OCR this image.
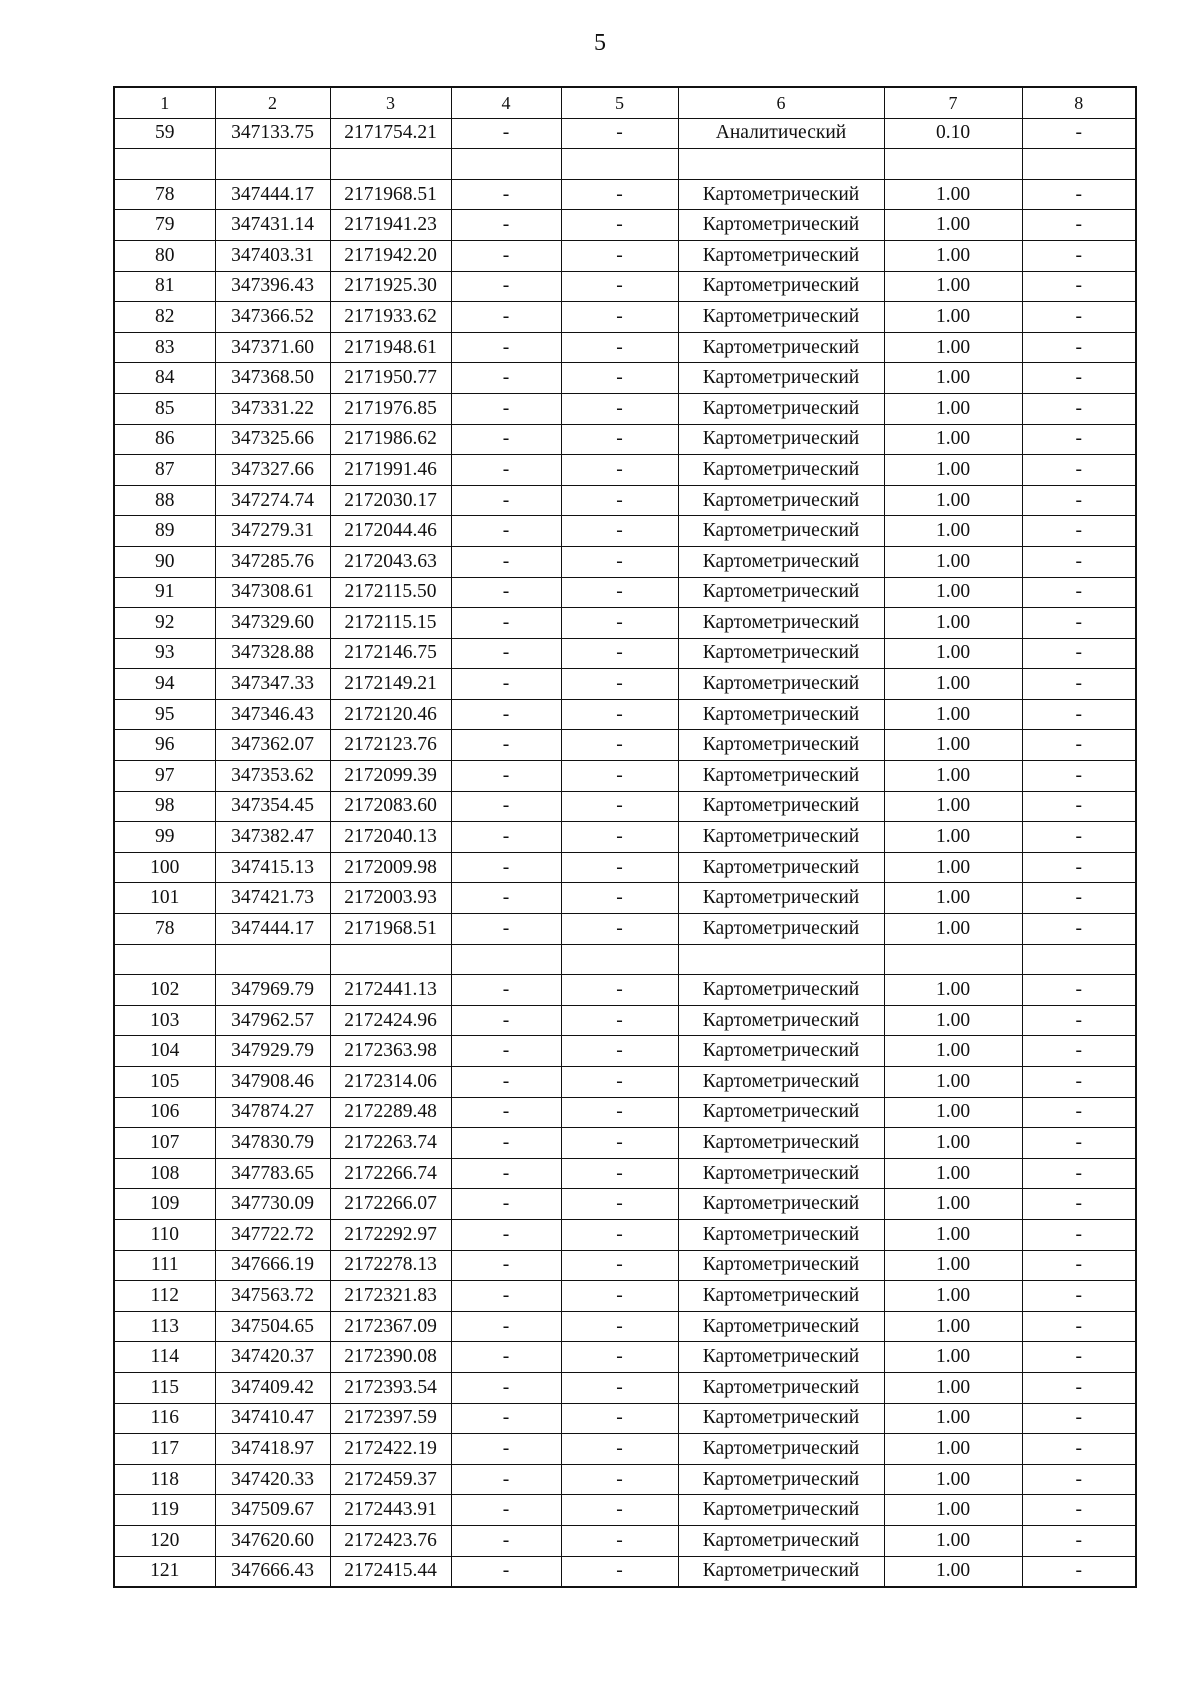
5
1	2	3	4	5	6	7	8
59	347133.75	2171754.21	-	-	Аналитический	0.10	-

78	347444.17	2171968.51	-	-	Картометрический	1.00	-
79	347431.14	2171941.23	-	-	Картометрический	1.00	-
80	347403.31	2171942.20	-	-	Картометрический	1.00	-
81	347396.43	2171925.30	-	-	Картометрический	1.00	-
82	347366.52	2171933.62	-	-	Картометрический	1.00	-
83	347371.60	2171948.61	-	-	Картометрический	1.00	-
84	347368.50	2171950.77	-	-	Картометрический	1.00	-
85	347331.22	2171976.85	-	-	Картометрический	1.00	-
86	347325.66	2171986.62	-	-	Картометрический	1.00	-
87	347327.66	2171991.46	-	-	Картометрический	1.00	-
88	347274.74	2172030.17	-	-	Картометрический	1.00	-
89	347279.31	2172044.46	-	-	Картометрический	1.00	-
90	347285.76	2172043.63	-	-	Картометрический	1.00	-
91	347308.61	2172115.50	-	-	Картометрический	1.00	-
92	347329.60	2172115.15	-	-	Картометрический	1.00	-
93	347328.88	2172146.75	-	-	Картометрический	1.00	-
94	347347.33	2172149.21	-	-	Картометрический	1.00	-
95	347346.43	2172120.46	-	-	Картометрический	1.00	-
96	347362.07	2172123.76	-	-	Картометрический	1.00	-
97	347353.62	2172099.39	-	-	Картометрический	1.00	-
98	347354.45	2172083.60	-	-	Картометрический	1.00	-
99	347382.47	2172040.13	-	-	Картометрический	1.00	-
100	347415.13	2172009.98	-	-	Картометрический	1.00	-
101	347421.73	2172003.93	-	-	Картометрический	1.00	-
78	347444.17	2171968.51	-	-	Картометрический	1.00	-

102	347969.79	2172441.13	-	-	Картометрический	1.00	-
103	347962.57	2172424.96	-	-	Картометрический	1.00	-
104	347929.79	2172363.98	-	-	Картометрический	1.00	-
105	347908.46	2172314.06	-	-	Картометрический	1.00	-
106	347874.27	2172289.48	-	-	Картометрический	1.00	-
107	347830.79	2172263.74	-	-	Картометрический	1.00	-
108	347783.65	2172266.74	-	-	Картометрический	1.00	-
109	347730.09	2172266.07	-	-	Картометрический	1.00	-
110	347722.72	2172292.97	-	-	Картометрический	1.00	-
111	347666.19	2172278.13	-	-	Картометрический	1.00	-
112	347563.72	2172321.83	-	-	Картометрический	1.00	-
113	347504.65	2172367.09	-	-	Картометрический	1.00	-
114	347420.37	2172390.08	-	-	Картометрический	1.00	-
115	347409.42	2172393.54	-	-	Картометрический	1.00	-
116	347410.47	2172397.59	-	-	Картометрический	1.00	-
117	347418.97	2172422.19	-	-	Картометрический	1.00	-
118	347420.33	2172459.37	-	-	Картометрический	1.00	-
119	347509.67	2172443.91	-	-	Картометрический	1.00	-
120	347620.60	2172423.76	-	-	Картометрический	1.00	-
121	347666.43	2172415.44	-	-	Картометрический	1.00	-
